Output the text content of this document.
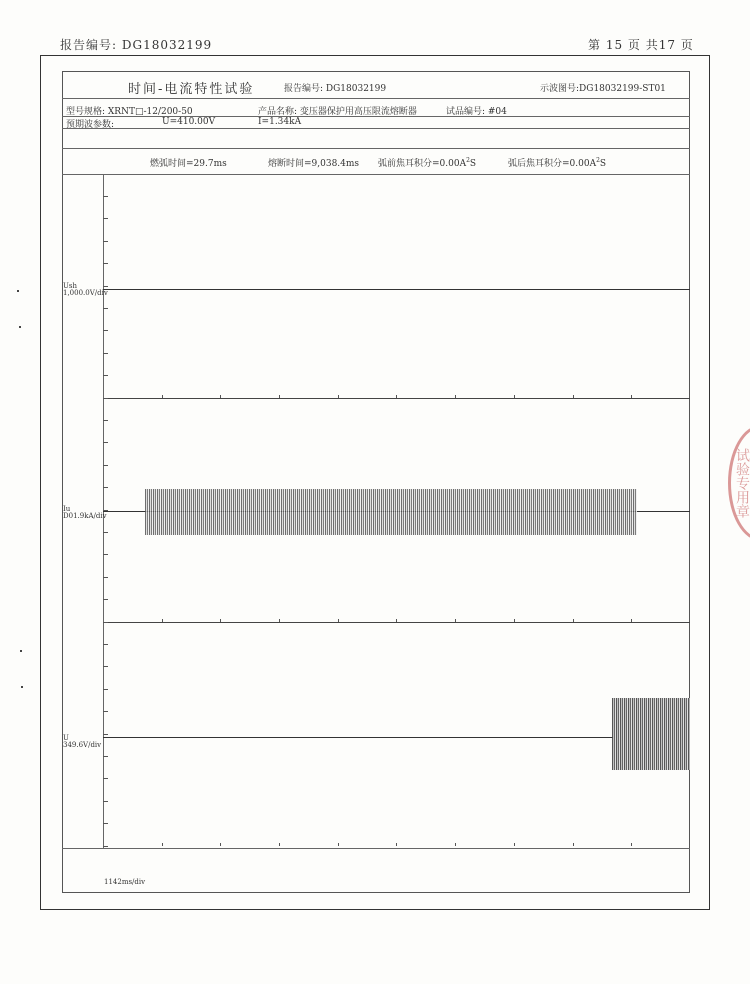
报告编号: DG18032199	第 15 页 共17 页
时间-电流特性试验	报告编号: DG18032199	示波图号:DG18032199-ST01
型号规格: XRNT□-12/200-50	产品名称: 变压器保护用高压限流熔断器	试品编号: #04
预期波参数:	U=410.00V	I=1.34kA
燃弧时间=29.7ms	熔断时间=9,038.4ms 弧前焦耳积分$=0.00A^2S$	弧后焦耳积分$=0.00A^2S$
Ush
1,000.0V/div
Iu
D01.9kA/div
U
349.6V/div
1142ms/div
试验专用章
